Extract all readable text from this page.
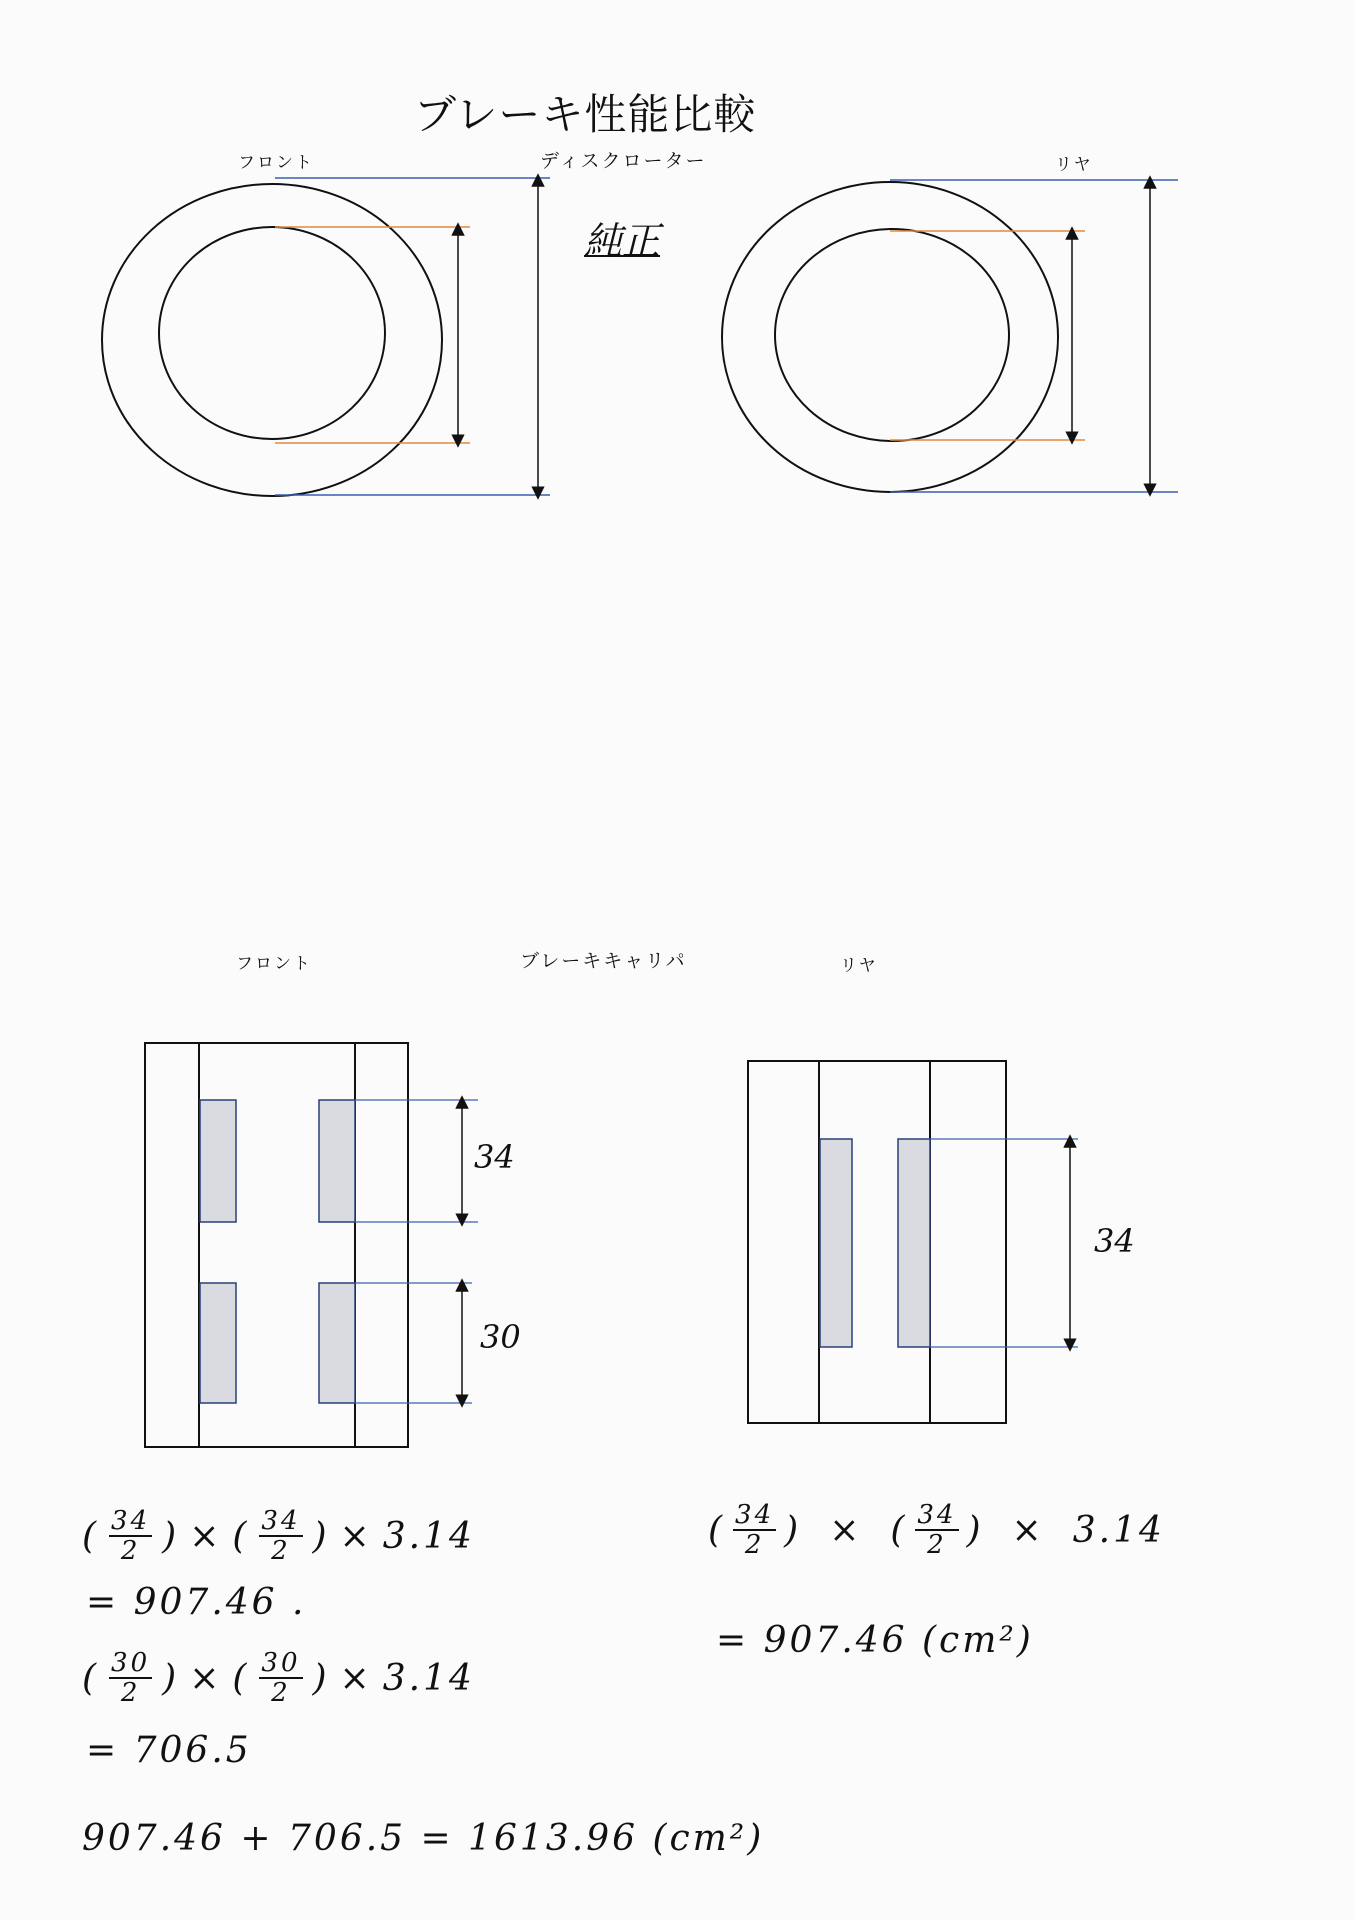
ブレーキ性能比較
フロント	ディスクローター	リヤ
純正
フロント	ブレーキキャリパ	リヤ
34
30
34
( $\frac{34}{2}$ ) × ( $\frac{34}{2}$ ) × 3.14
= 907.46 .
( $\frac{30}{2}$ ) × ( $\frac{30}{2}$ ) × 3.14
= 706.5
907.46 + 706.5 = 1613.96 (cm²)
( $\frac{34}{2}$ ) × ( $\frac{34}{2}$ ) × 3.14
= 907.46 (cm²)
